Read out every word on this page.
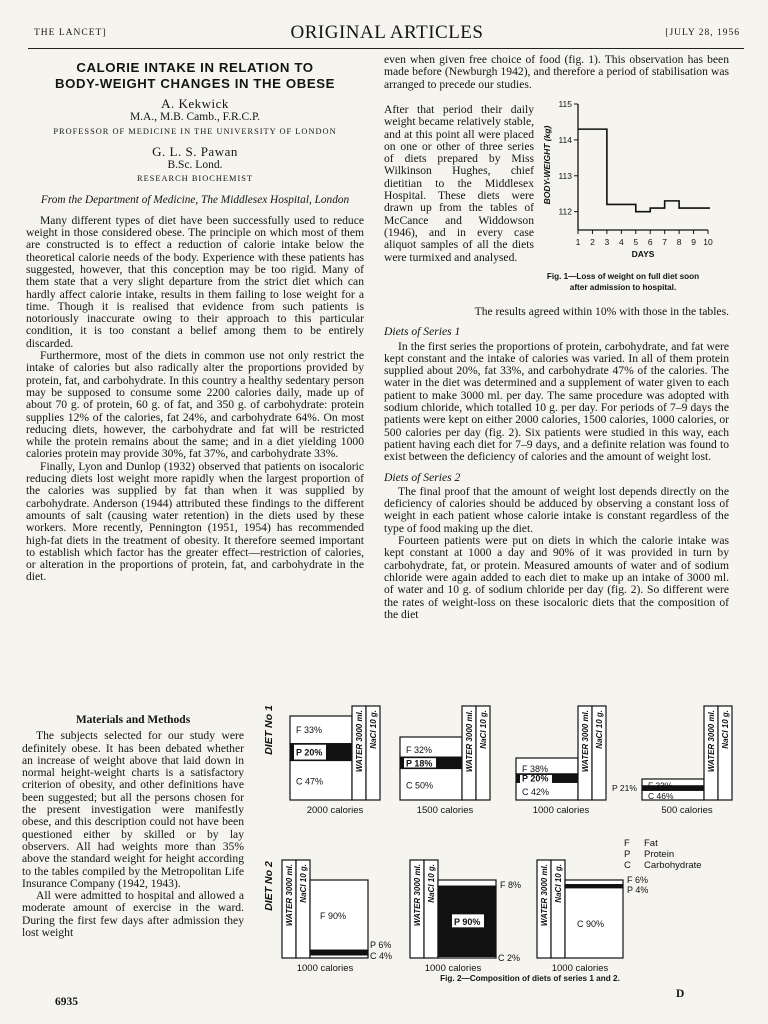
THE LANCET]	ORIGINAL ARTICLES	[JULY 28, 1956
CALORIE INTAKE IN RELATION TO
BODY-WEIGHT CHANGES IN THE OBESE
A. Kekwick
M.A., M.B. Camb., F.R.C.P.
PROFESSOR OF MEDICINE IN THE UNIVERSITY OF LONDON
G. L. S. Pawan
B.Sc. Lond.
RESEARCH BIOCHEMIST
From the Department of Medicine, The Middlesex Hospital, London

Many different types of diet have been successfully used to reduce weight in those considered obese. The principle on which most of them are constructed is to effect a reduction of calorie intake below the theoretical calorie needs of the body. Experience with these patients has suggested, however, that this conception may be too rigid. Many of them state that a very slight departure from the strict diet which can hardly affect calorie intake, results in them failing to lose weight for a time. Though it is realised that evidence from such patients is notoriously inaccurate owing to their approach to this particular condition, it is too constant a belief among them to be entirely discarded.

Furthermore, most of the diets in common use not only restrict the intake of calories but also radically alter the proportions provided by protein, fat, and carbohydrate. In this country a healthy sedentary person may be supposed to consume some 2200 calories daily, made up of about 70 g. of protein, 60 g. of fat, and 350 g. of carbohydrate: protein supplies 12% of the calories, fat 24%, and carbohydrate 64%. On most reducing diets, however, the carbohydrate and fat will be restricted while the protein remains about the same; and in a diet yielding 1000 calories protein may provide 30%, fat 37%, and carbohydrate 33%.

Finally, Lyon and Dunlop (1932) observed that patients on isocaloric reducing diets lost weight more rapidly when the largest proportion of the calories was supplied by fat than when it was supplied by carbohydrate. Anderson (1944) attributed these findings to the different amounts of salt (causing water retention) in the diets used by these workers. More recently, Pennington (1951, 1954) has recommended high-fat diets in the treatment of obesity. It therefore seemed important to establish which factor has the greater effect—restriction of calories, or alteration in the proportions of protein, fat, and carbohydrate in the diet.

Materials and Methods

The subjects selected for our study were definitely obese. It has been debated whether an increase of weight above that laid down in normal height-weight charts is a satisfactory criterion of obesity, and other definitions have been suggested; but all the persons chosen for the present investigation were manifestly obese, and this description could not have been questioned either by skilled or by lay observers. All had weights more than 35% above the standard weight for height according to the tables compiled by the Metropolitan Life Insurance Company (1942, 1943).

All were admitted to hospital and allowed a moderate amount of exercise in the ward. During the first few days after admission they lost weight

even when given free choice of food (fig. 1). This observation has been made before (Newburgh 1942), and therefore a period of stabilisation was arranged to precede our studies.

After that period their daily weight became relatively stable, and at this point all were placed on one or other of three series of diets prepared by Miss Wilkinson Hughes, chief dietitian to the Middlesex Hospital. These diets were drawn up from the tables of McCance and Widdowson (1946), and in every case aliquot samples of all the diets were turmixed and analysed.

The results agreed within 10% with those in the tables.

Diets of Series 1

In the first series the proportions of protein, carbohydrate, and fat were kept constant and the intake of calories was varied. In all of them protein supplied about 20%, fat 33%, and carbohydrate 47% of the calories. The water in the diet was determined and a supplement of water given to each patient to make 3000 ml. per day. The same procedure was adopted with sodium chloride, which totalled 10 g. per day. For periods of 7–9 days the patients were kept on either 2000 calories, 1500 calories, 1000 calories, or 500 calories per day (fig. 2). Six patients were studied in this way, each patient having each diet for 7–9 days, and a definite relation was found to exist between the deficiency of calories and the amount of weight lost.

Diets of Series 2

The final proof that the amount of weight lost depends directly on the deficiency of calories should be adduced by observing a constant loss of weight in each patient whose calorie intake is constant regardless of the type of food making up the diet.

Fourteen patients were put on diets in which the calorie intake was kept constant at 1000 a day and 90% of it was provided in turn by carbohydrate, fat, or protein. Measured amounts of water and of sodium chloride were again added to each diet to make up an intake of 3000 ml. of water and 10 g. of sodium chloride per day (fig. 2). So different were the rates of weight-loss on these isocaloric diets that the composition of the diet

115
114
113
112
1 2 3 4 5 6 7 8 9 10
DAYS
BODY-WEIGHT (kg)
Fig. 1—Loss of weight on full diet soon
after admission to hospital.
DIET No 1
DIET No 2
F 33%
P 20%
C 47%
WATER 3000 ml. NaCl 10 g.
2000 calories
F 32%
P 18%
C 50%
WATER 3000 ml. NaCl 10 g.
1500 calories
F 38%
P 20%
C 42%
WATER 3000 ml. NaCl 10 g.
1000 calories
F 33%
P 21%
C 46%
WATER 3000 ml. NaCl 10 g.
500 calories
WATER 3000 ml. NaCl 10 g.
F 90%
P 6%
C 4%
1000 calories
WATER 3000 ml. NaCl 10 g.	F 8%
P 90%
C 2%
1000 calories
WATER 3000 ml. NaCl 10 g.	F 6%
P 4%
C 90%
1000 calories
F Fat
P Protein
C Carbohydrate
Fig. 2—Composition of diets of series 1 and 2.
6935
D
